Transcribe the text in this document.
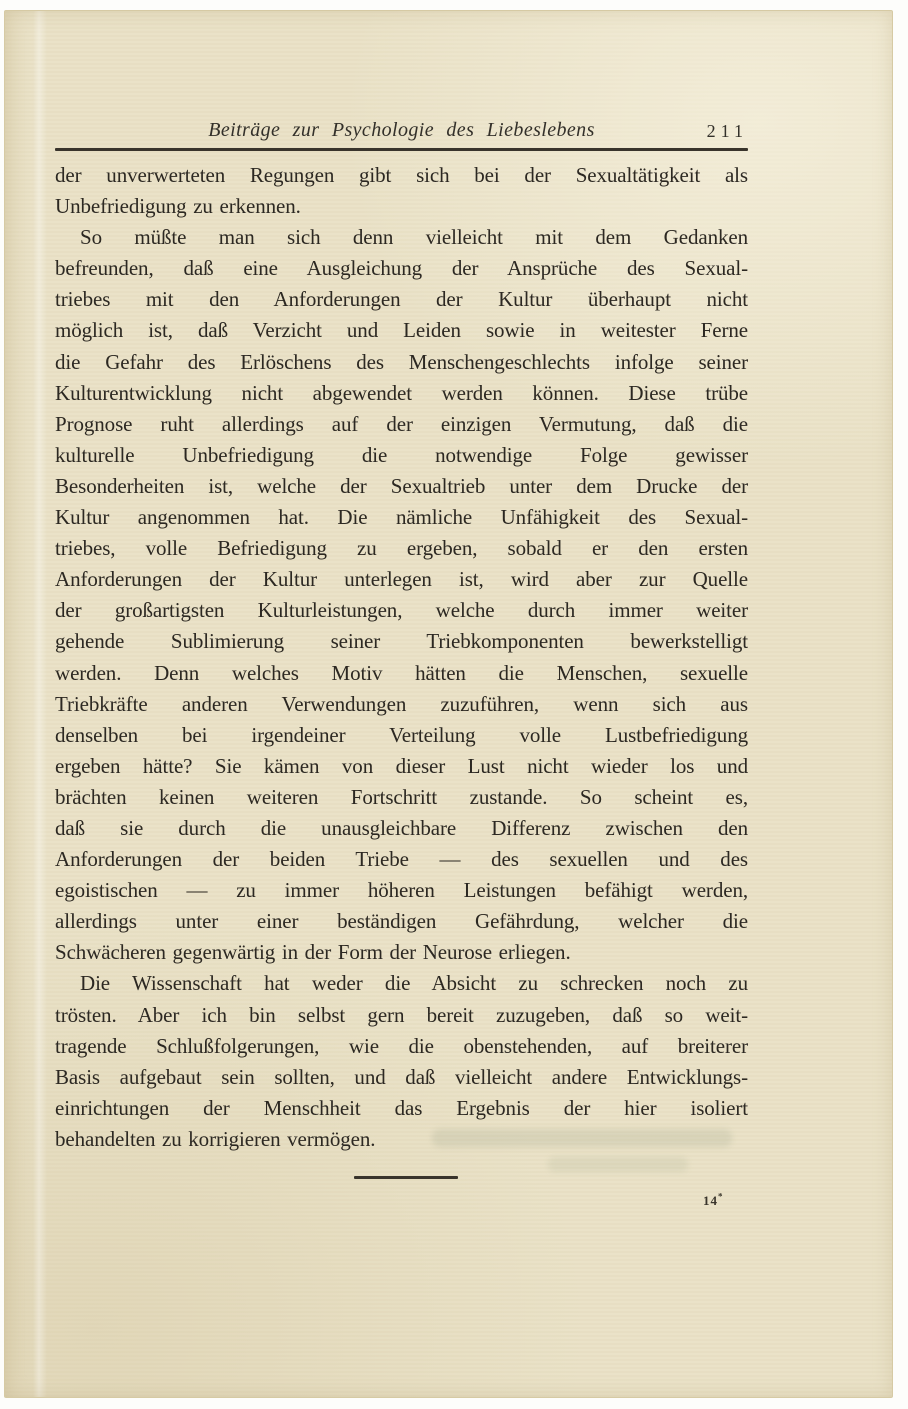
Beiträge zur Psychologie des Liebeslebens	211
der unverwerteten Regungen gibt sich bei der Sexualtätigkeit als
Unbefriedigung zu erkennen.
So müßte man sich denn vielleicht mit dem Gedanken
befreunden, daß eine Ausgleichung der Ansprüche des Sexual-
triebes mit den Anforderungen der Kultur überhaupt nicht
möglich ist, daß Verzicht und Leiden sowie in weitester Ferne
die Gefahr des Erlöschens des Menschengeschlechts infolge seiner
Kulturentwicklung nicht abgewendet werden können. Diese trübe
Prognose ruht allerdings auf der einzigen Vermutung, daß die
kulturelle Unbefriedigung die notwendige Folge gewisser
Besonderheiten ist, welche der Sexualtrieb unter dem Drucke der
Kultur angenommen hat. Die nämliche Unfähigkeit des Sexual-
triebes, volle Befriedigung zu ergeben, sobald er den ersten
Anforderungen der Kultur unterlegen ist, wird aber zur Quelle
der großartigsten Kulturleistungen, welche durch immer weiter
gehende Sublimierung seiner Triebkomponenten bewerkstelligt
werden. Denn welches Motiv hätten die Menschen, sexuelle
Triebkräfte anderen Verwendungen zuzuführen, wenn sich aus
denselben bei irgendeiner Verteilung volle Lustbefriedigung
ergeben hätte? Sie kämen von dieser Lust nicht wieder los und
brächten keinen weiteren Fortschritt zustande. So scheint es,
daß sie durch die unausgleichbare Differenz zwischen den
Anforderungen der beiden Triebe — des sexuellen und des
egoistischen — zu immer höheren Leistungen befähigt werden,
allerdings unter einer beständigen Gefährdung, welcher die
Schwächeren gegenwärtig in der Form der Neurose erliegen.
Die Wissenschaft hat weder die Absicht zu schrecken noch zu
trösten. Aber ich bin selbst gern bereit zuzugeben, daß so weit-
tragende Schlußfolgerungen, wie die obenstehenden, auf breiterer
Basis aufgebaut sein sollten, und daß vielleicht andere Entwicklungs-
einrichtungen der Menschheit das Ergebnis der hier isoliert
behandelten zu korrigieren vermögen.
14*
